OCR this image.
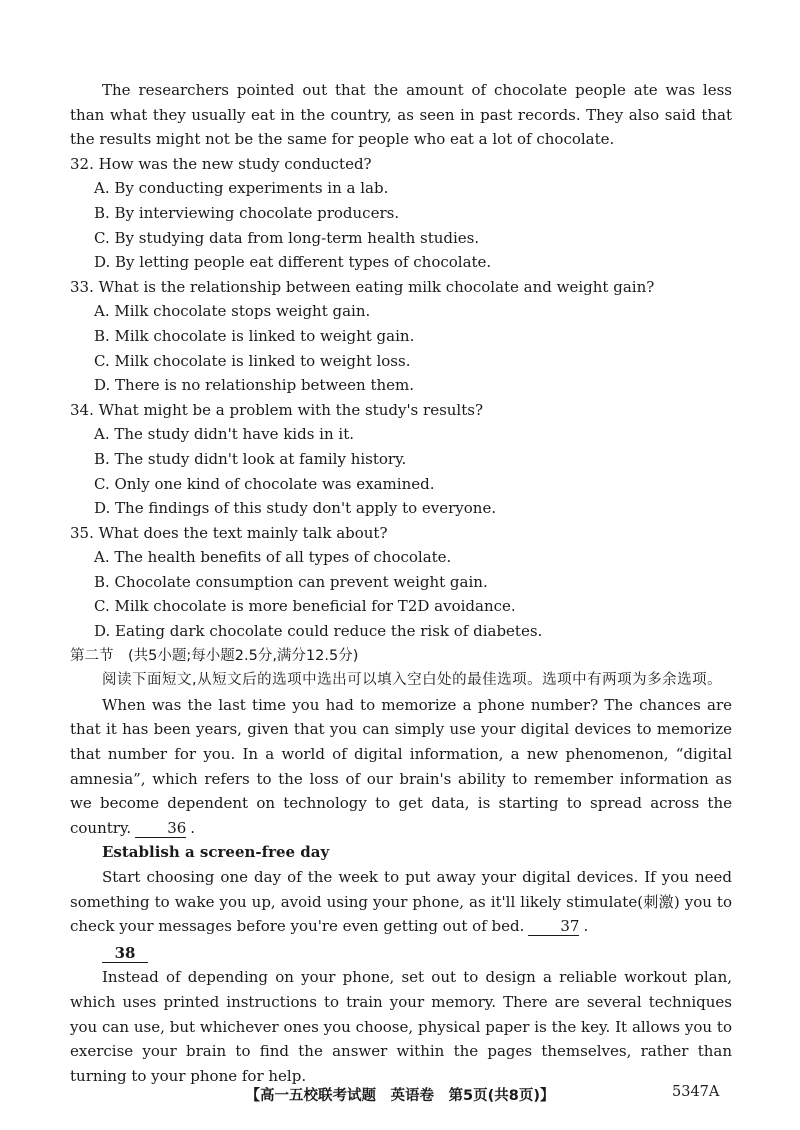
The researchers pointed out that the amount of chocolate people ate was less than what they usually eat in the country, as seen in past records. They also said that the results might not be the same for people who eat a lot of chocolate.

32. How was the new study conducted?

A. By conducting experiments in a lab.

B. By interviewing chocolate producers.

C. By studying data from long-term health studies.

D. By letting people eat different types of chocolate.

33. What is the relationship between eating milk chocolate and weight gain?

A. Milk chocolate stops weight gain.

B. Milk chocolate is linked to weight gain.

C. Milk chocolate is linked to weight loss.

D. There is no relationship between them.

34. What might be a problem with the study's results?

A. The study didn't have kids in it.

B. The study didn't look at family history.

C. Only one kind of chocolate was examined.

D. The findings of this study don't apply to everyone.

35. What does the text mainly talk about?

A. The health benefits of all types of chocolate.

B. Chocolate consumption can prevent weight gain.

C. Milk chocolate is more beneficial for T2D avoidance.

D. Eating dark chocolate could reduce the risk of diabetes.

第二节　(共5小题;每小题2.5分,满分12.5分)

阅读下面短文,从短文后的选项中选出可以填入空白处的最佳选项。选项中有两项为多余选项。

When was the last time you had to memorize a phone number? The chances are that it has been years, given that you can simply use your digital devices to memorize that number for you. In a world of digital information, a new phenomenon, “digital amnesia”, which refers to the loss of our brain's ability to remember information as we become dependent on technology to get data, is starting to spread across the country. 36 .

Establish a screen-free day

Start choosing one day of the week to put away your digital devices. If you need something to wake you up, avoid using your phone, as it'll likely stimulate(刺激) you to check your messages before you're even getting out of bed. 37 .

38

Instead of depending on your phone, set out to design a reliable workout plan, which uses printed instructions to train your memory. There are several techniques you can use, but whichever ones you choose, physical paper is the key. It allows you to exercise your brain to find the answer within the pages themselves, rather than turning to your phone for help.

【高一五校联考试题　英语卷　第5页(共8页)】	5347A
